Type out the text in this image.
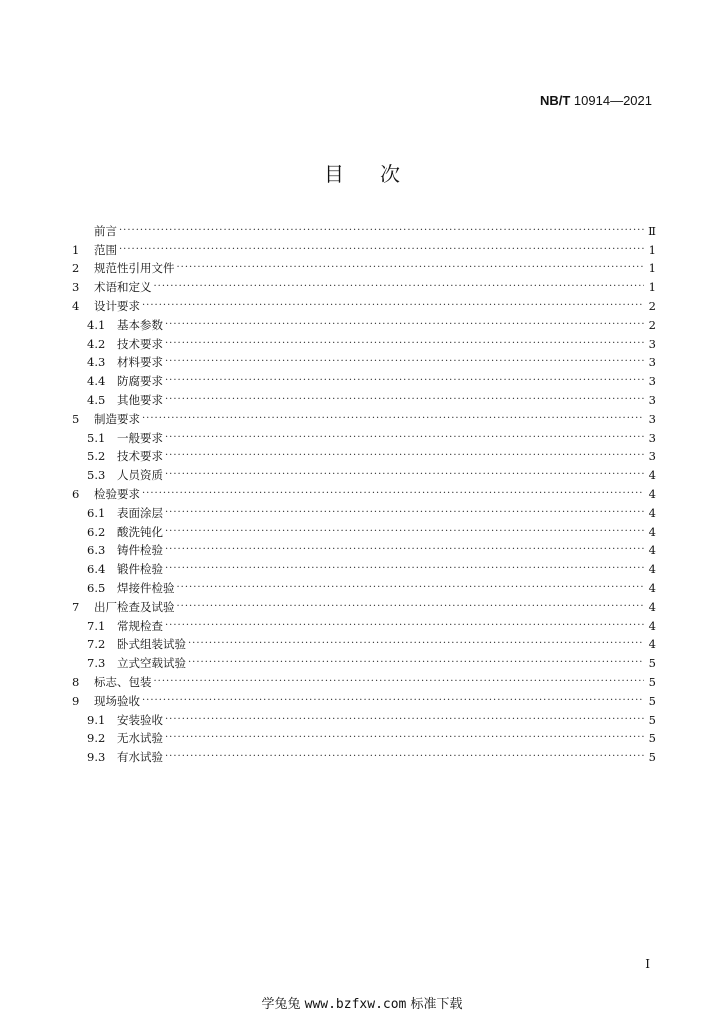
NB/T 10914—2021
目次
前言 ·····	Ⅱ
1	范围 ·····	1
2	规范性引用文件 ·····	1
3	术语和定义 ·····	1
4	设计要求 ·····	2
4.1	基本参数 ·····	2
4.2	技术要求 ·····	3
4.3	材料要求 ·····	3
4.4	防腐要求 ·····	3
4.5	其他要求 ·····	3
5	制造要求 ·····	3
5.1	一般要求 ·····	3
5.2	技术要求 ·····	3
5.3	人员资质 ·····	4
6	检验要求 ·····	4
6.1	表面涂层 ·····	4
6.2	酸洗钝化 ·····	4
6.3	铸件检验 ·····	4
6.4	锻件检验 ·····	4
6.5	焊接件检验 ·····	4
7	出厂检查及试验 ·····	4
7.1	常规检查 ·····	4
7.2	卧式组装试验 ·····	4
7.3	立式空载试验 ·····	5
8	标志、包装 ·····	5
9	现场验收 ·····	5
9.1	安装验收 ·····	5
9.2	无水试验 ·····	5
9.3	有水试验 ·····	5
I
学兔兔 www.bzfxw.com 标准下载
